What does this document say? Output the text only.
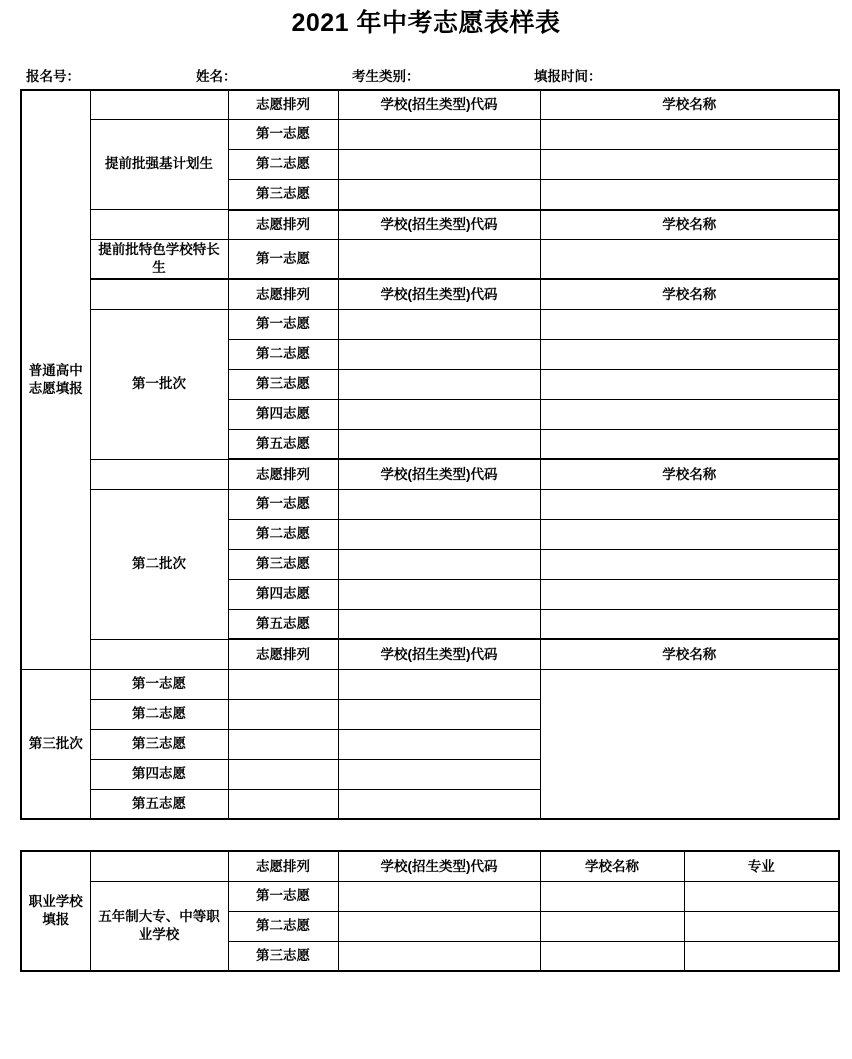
2021 年中考志愿表样表
报名号：	姓名：	考生类别：	填报时间：
普通高中志愿填报		志愿排列	学校(招生类型)代码	学校名称
	提前批强基计划生	第一志愿		
		第二志愿		
		第三志愿		
		志愿排列	学校(招生类型)代码	学校名称
	提前批特色学校特长生	第一志愿		
		志愿排列	学校(招生类型)代码	学校名称
	第一批次	第一志愿		
		第二志愿		
		第三志愿		
		第四志愿		
		第五志愿		
		志愿排列	学校(招生类型)代码	学校名称
	第二批次	第一志愿		
		第二志愿		
		第三志愿		
		第四志愿		
		第五志愿		
		志愿排列	学校(招生类型)代码	学校名称
第三批次	第一志愿			
	第二志愿			
	第三志愿			
	第四志愿			
	第五志愿			
职业学校填报		志愿排列	学校(招生类型)代码	学校名称	专业
	五年制大专、中等职业学校	第一志愿			
		第二志愿			
		第三志愿			
